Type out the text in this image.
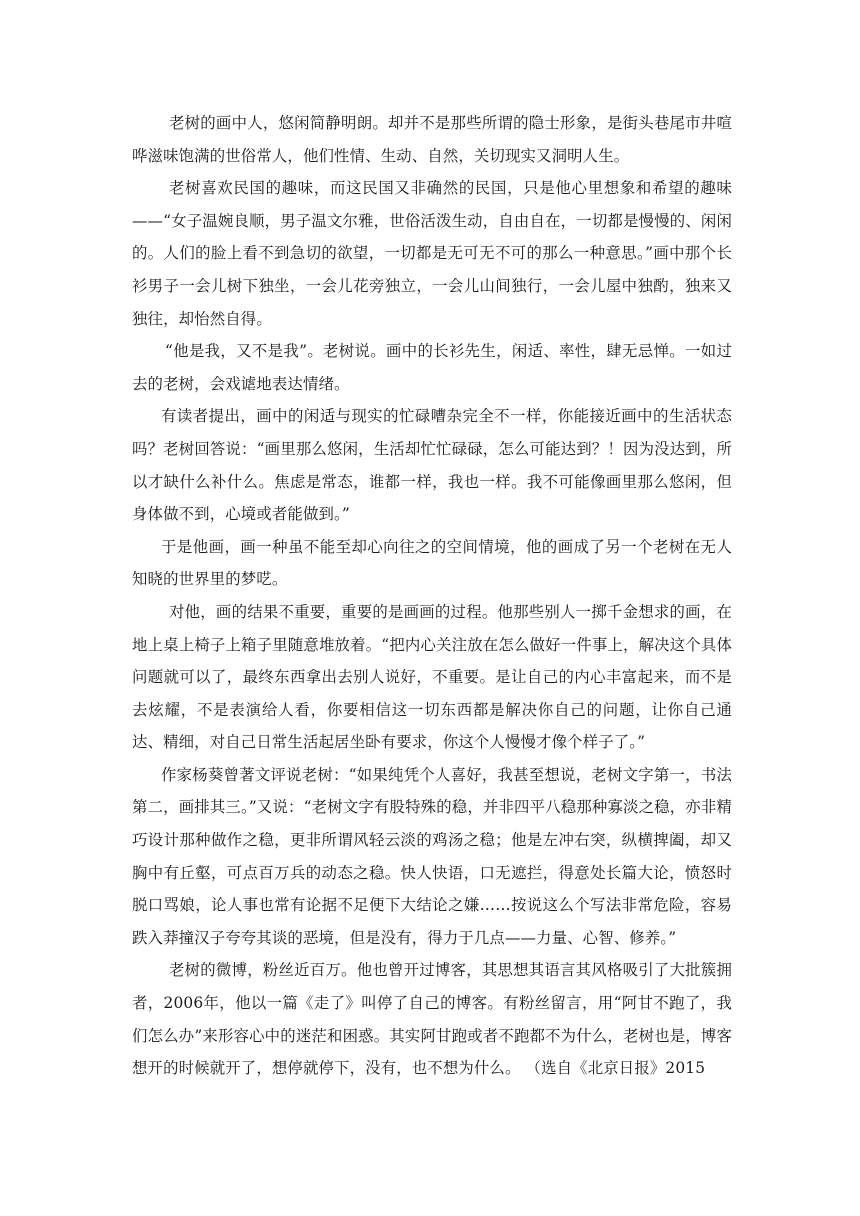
老树的画中人，悠闲简静明朗。却并不是那些所谓的隐士形象，是街头巷尾市井喧哗滋味饱满的世俗常人，他们性情、生动、自然，关切现实又洞明人生。

老树喜欢民国的趣味，而这民国又非确然的民国，只是他心里想象和希望的趣味——“女子温婉良顺，男子温文尔雅，世俗活泼生动，自由自在，一切都是慢慢的、闲闲的。人们的脸上看不到急切的欲望，一切都是无可无不可的那么一种意思。”画中那个长衫男子一会儿树下独坐，一会儿花旁独立，一会儿山间独行，一会儿屋中独酌，独来又独往，却怡然自得。

“他是我，又不是我”。老树说。画中的长衫先生，闲适、率性，肆无忌惮。一如过去的老树，会戏谑地表达情绪。

有读者提出，画中的闲适与现实的忙碌嘈杂完全不一样，你能接近画中的生活状态吗？老树回答说：“画里那么悠闲，生活却忙忙碌碌，怎么可能达到？！因为没达到，所以才缺什么补什么。焦虑是常态，谁都一样，我也一样。我不可能像画里那么悠闲，但身体做不到，心境或者能做到。”

于是他画，画一种虽不能至却心向往之的空间情境，他的画成了另一个老树在无人知晓的世界里的梦呓。

对他，画的结果不重要，重要的是画画的过程。他那些别人一掷千金想求的画，在地上桌上椅子上箱子里随意堆放着。“把内心关注放在怎么做好一件事上，解决这个具体问题就可以了，最终东西拿出去别人说好，不重要。是让自己的内心丰富起来，而不是去炫耀，不是表演给人看，你要相信这一切东西都是解决你自己的问题，让你自己通达、精细，对自己日常生活起居坐卧有要求，你这个人慢慢才像个样子了。”

作家杨葵曾著文评说老树：“如果纯凭个人喜好，我甚至想说，老树文字第一，书法第二，画排其三。”又说：“老树文字有股特殊的稳，并非四平八稳那种寡淡之稳，亦非精巧设计那种做作之稳，更非所谓风轻云淡的鸡汤之稳；他是左冲右突，纵横捭阖，却又胸中有丘壑，可点百万兵的动态之稳。快人快语，口无遮拦，得意处长篇大论，愤怒时脱口骂娘，论人事也常有论据不足便下大结论之嫌……按说这么个写法非常危险，容易跌入莽撞汉子夸夸其谈的恶境，但是没有，得力于几点——力量、心智、修养。”

老树的微博，粉丝近百万。他也曾开过博客，其思想其语言其风格吸引了大批簇拥者，2006年，他以一篇《走了》叫停了自己的博客。有粉丝留言，用“阿甘不跑了，我们怎么办”来形容心中的迷茫和困惑。其实阿甘跑或者不跑都不为什么，老树也是，博客想开的时候就开了，想停就停下，没有，也不想为什么。 （选自《北京日报》2015
